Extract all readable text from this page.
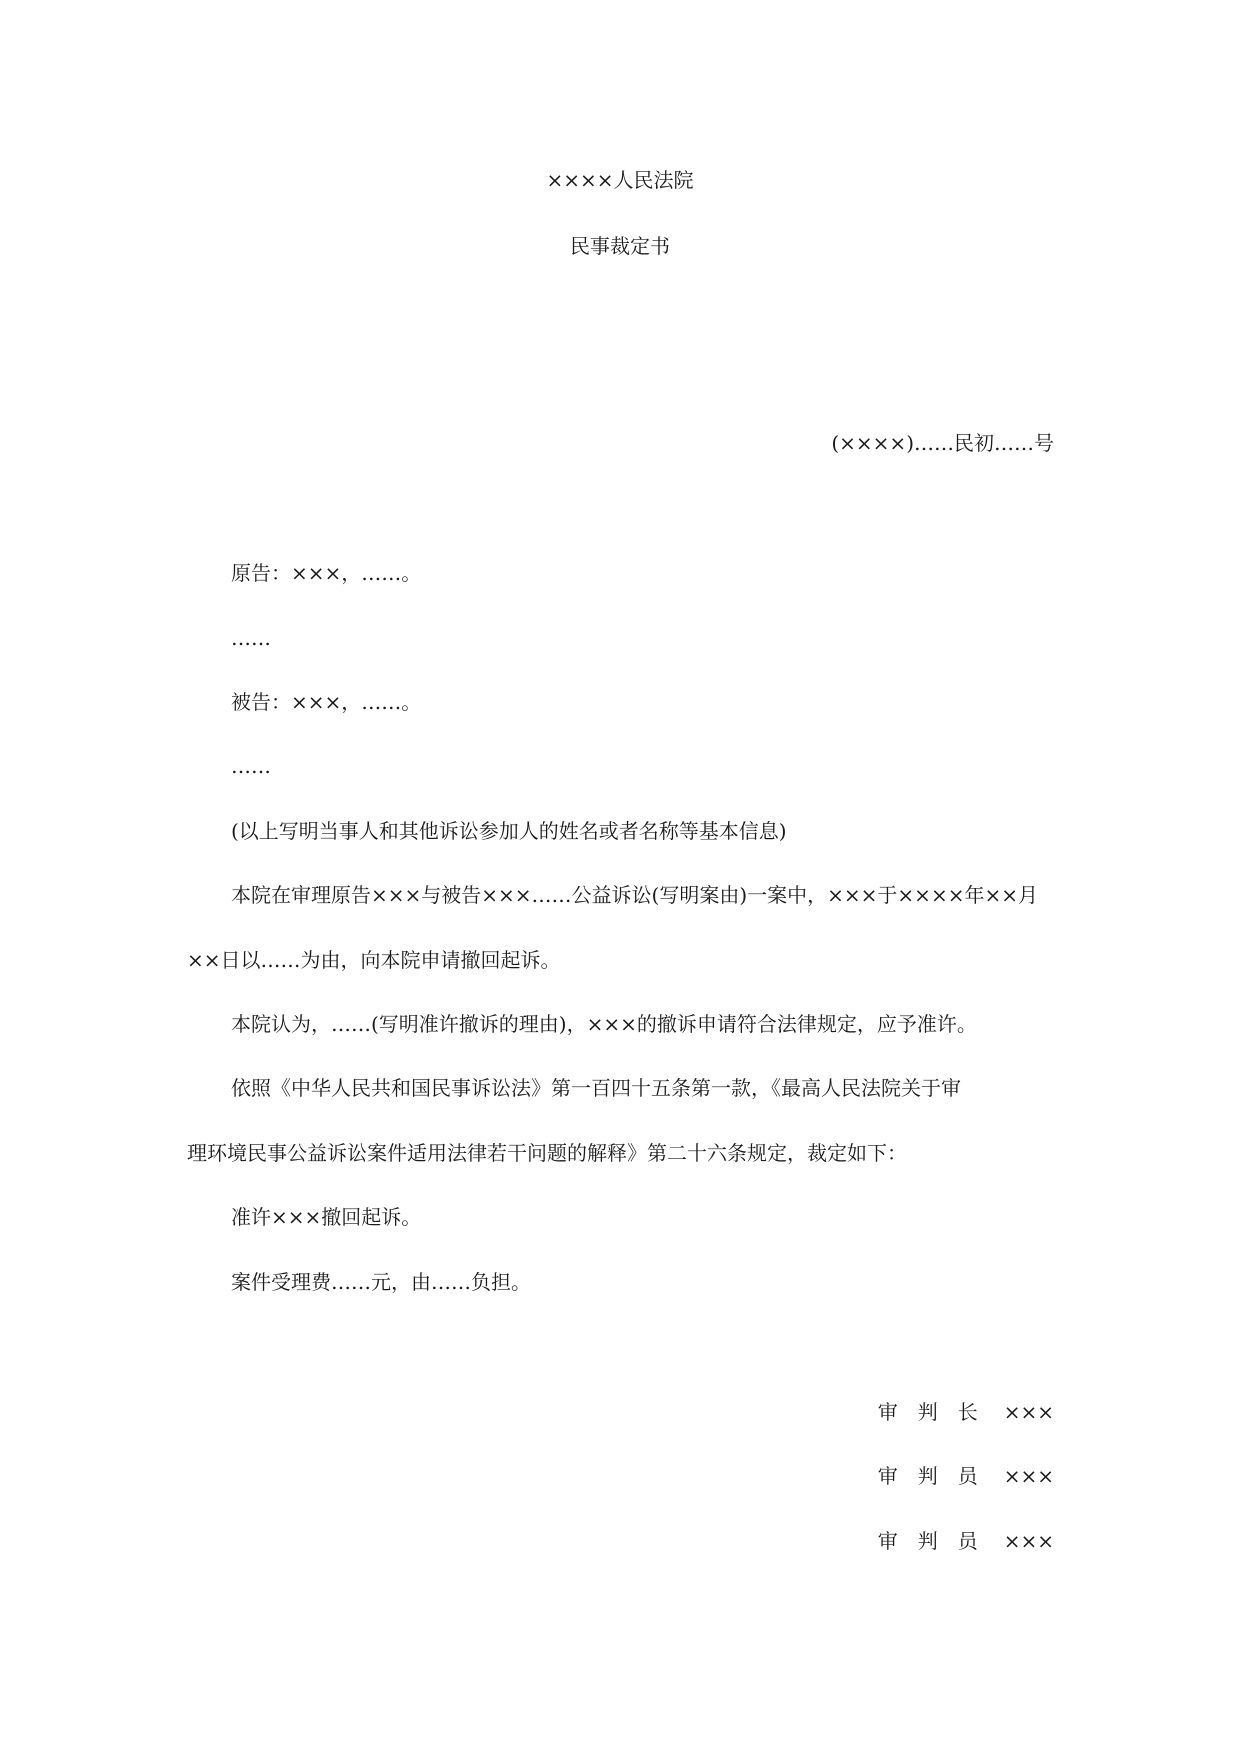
××××人民法院
民事裁定书
(××××)……民初……号
原告：×××，……。
……
被告：×××，……。
……
(以上写明当事人和其他诉讼参加人的姓名或者名称等基本信息)
本院在审理原告×××与被告×××……公益诉讼(写明案由)一案中，×××于××××年××月
××日以……为由，向本院申请撤回起诉。
本院认为，……(写明准许撤诉的理由)，×××的撤诉申请符合法律规定，应予准许。
依照《中华人民共和国民事诉讼法》第一百四十五条第一款，《最高人民法院关于审
理环境民事公益诉讼案件适用法律若干问题的解释》第二十六条规定，裁定如下：
准许×××撤回起诉。
案件受理费……元，由……负担。
审判长 ×××
审判员 ×××
审判员 ×××
